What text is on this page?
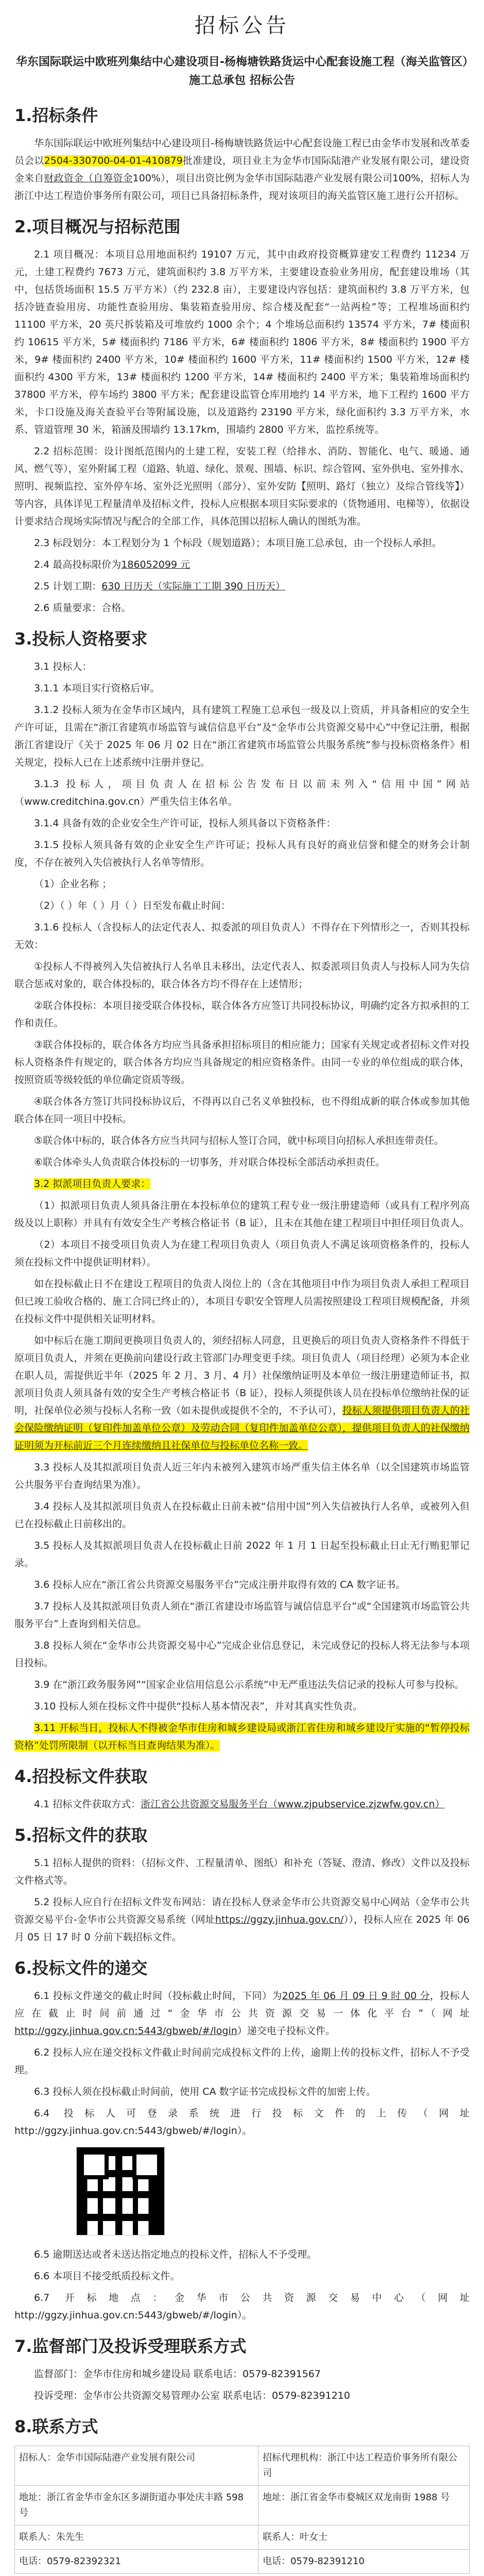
招标公告
华东国际联运中欧班列集结中心建设项目-杨梅塘铁路货运中心配套设施工程（海关监管区）施工总承包 招标公告
1.招标条件

华东国际联运中欧班列集结中心建设项目-杨梅塘铁路货运中心配套设施工程已由金华市发展和改革委员会以2504-330700-04-01-410879批准建设，项目业主为金华市国际陆港产业发展有限公司，建设资金来自财政资金（自筹资金100%），项目出资比例为金华市国际陆港产业发展有限公司100%，招标人为浙江中达工程造价事务所有限公司，项目已具备招标条件，现对该项目的海关监管区施工进行公开招标。

2.项目概况与招标范围

2.1 项目概况：本项目总用地面积约 19107 万元，其中由政府投资概算建安工程费约 11234 万元，土建工程费约 7673 万元，建筑面积约 3.8 万平方米，主要建设查验业务用房，配套建设堆场（其中，包括货场面积 15.5 万平方米）（约 232.8 亩），主要建设内容包括：建筑面积约 3.8 万平方米，包括冷链查验用房、功能性查验用房、集装箱查验用房、综合楼及配套“一站两检”等；工程堆场面积约 11100 平方米，20 英尺拆装箱及可堆放约 1000 余个；4 个堆场总面积约 13574 平方米，7# 楼面积约 10615 平方米，5# 楼面积约 7186 平方米，6# 楼面积约 1806 平方米，8# 楼面积约 1900 平方米，9# 楼面积约 2400 平方米，10# 楼面积约 1600 平方米，11# 楼面积约 1500 平方米，12# 楼面积约 4300 平方米，13# 楼面积约 1200 平方米，14# 楼面积约 2400 平方米；集装箱堆场面积约 37800 平方米，停车场约 3800 平方米；配套建设监管仓库用地约 14 平方米，地下工程约 1600 平方米，卡口设施及海关查验平台等附属设施，以及道路约 23190 平方米，绿化面积约 3.3 万平方米，水系、管道管理 30 米，箱涵及围墙约 13.17km，围墙约 2800 平方米，监控系统等。

2.2 招标范围：设计图纸范围内的土建工程，安装工程（给排水、消防、智能化、电气、暖通、通风、燃气等），室外附属工程（道路、轨道、绿化、景观、围墙、标识、综合管网、室外供电、室外排水、照明、视频监控、室外停车场、室外泛光照明（部分）、室外安防【照明、路灯（独立）及综合管线等】）等内容，具体详见工程量清单及招标文件，投标人应根据本项目实际要求的（货物通用、电梯等），依据设计要求结合现场实际情况与配合的全部工作，具体范围以招标人确认的图纸为准。

2.3 标段划分：本工程划分为 1 个标段（规划道路）；本项目施工总承包，由一个投标人承担。

2.4 最高投标限价为186052099 元

2.5 计划工期：630 日历天（实际施工工期 390 日历天）

2.6 质量要求：合格。

3.投标人资格要求

3.1 投标人：

3.1.1 本项目实行资格后审。

3.1.2 投标人须为在金华市区域内，具有建筑工程施工总承包一级及以上资质，并具备相应的安全生产许可证，且需在“浙江省建筑市场监管与诚信信息平台”及“金华市公共资源交易中心”中登记注册，根据浙江省建设厅《关于 2025 年 06 月 02 日在“浙江省建筑市场监管公共服务系统”参与投标资格条件》相关规定，投标人已在上述系统中注册并登记。

3.1.3 投标人，项目负责人在招标公告发布日以前未列入“信用中国”网站（www.creditchina.gov.cn）严重失信主体名单。

3.1.4 具备有效的企业安全生产许可证，投标人须具备以下资格条件：

3.1.5 投标人须具备有效的企业安全生产许可证；投标人具有良好的商业信誉和健全的财务会计制度，不存在被列入失信被执行人名单等情形。

（1）企业名称 ；

（2）（ ）年（ ）月（ ）日至发布截止时间：

3.1.6 投标人（含投标人的法定代表人、拟委派的项目负责人）不得存在下列情形之一，否则其投标无效：

①投标人不得被列入失信被执行人名单且未移出，法定代表人、拟委派项目负责人与投标人同为失信联合惩戒对象的，联合体投标的，联合体各方均不得存在上述情形；

②联合体投标：本项目接受联合体投标，联合体各方应签订共同投标协议，明确约定各方拟承担的工作和责任。

③联合体投标的，联合体各方均应当具备承担招标项目的相应能力；国家有关规定或者招标文件对投标人资格条件有规定的，联合体各方均应当具备规定的相应资格条件。由同一专业的单位组成的联合体，按照资质等级较低的单位确定资质等级。

④联合体各方签订共同投标协议后，不得再以自己名义单独投标，也不得组成新的联合体或参加其他联合体在同一项目中投标。

⑤联合体中标的，联合体各方应当共同与招标人签订合同，就中标项目向招标人承担连带责任。

⑥联合体牵头人负责联合体投标的一切事务，并对联合体投标全部活动承担责任。

3.2 拟派项目负责人要求：

（1）拟派项目负责人须具备注册在本投标单位的建筑工程专业一级注册建造师（或具有工程序列高级及以上职称）并具有有效安全生产考核合格证书（B 证），且未在其他在建工程项目中担任项目负责人。

（2）本项目不接受项目负责人为在建工程项目负责人（项目负责人不满足该项资格条件的，投标人须在投标文件中提供证明材料）。

如在投标截止日不在建设工程项目的负责人岗位上的（含在其他项目中作为项目负责人承担工程项目但已竣工验收合格的、施工合同已终止的），本项目专职安全管理人员需按照建设工程项目规模配备，并须在投标文件中提供相关证明材料。

如中标后在施工期间更换项目负责人的，须经招标人同意，且更换后的项目负责人资格条件不得低于原项目负责人，并须在更换前向建设行政主管部门办理变更手续。项目负责人（项目经理）必须为本企业在职人员，需提供近半年（2025 年 2 月、3 月、4 月）社保缴纳证明及本单位一级注册建造师证书，拟派项目负责人须具备有效的安全生产考核合格证书（B 证），投标人须提供该人员在投标单位缴纳社保的证明，社保单位必须与投标人名称一致（如未提供或提供不全的，不予认可），投标人须提供项目负责人的社会保险缴纳证明（复印件加盖单位公章）及劳动合同（复印件加盖单位公章），提供项目负责人的社保缴纳证明须为开标前近三个月连续缴纳且社保单位与投标单位名称一致。

3.3 投标人及其拟派项目负责人近三年内未被列入建筑市场严重失信主体名单（以全国建筑市场监管公共服务平台查询结果为准）。

3.4 投标人及其拟派项目负责人在投标截止日前未被“信用中国”列入失信被执行人名单，或被列入但已在投标截止日前移出的。

3.5 投标人及其拟派项目负责人在投标截止日前 2022 年 1 月 1 日起至投标截止日止无行贿犯罪记录。

3.6 投标人应在“浙江省公共资源交易服务平台”完成注册并取得有效的 CA 数字证书。

3.7 投标人及其拟派项目负责人须在“浙江省建设市场监管与诚信信息平台”或“全国建筑市场监管公共服务平台”上查询到相关信息。

3.8 投标人须在“金华市公共资源交易中心”完成企业信息登记，未完成登记的投标人将无法参与本项目投标。

3.9 在“浙江政务服务网”“国家企业信用信息公示系统”中无严重违法失信记录的投标人可参与投标。

3.10 投标人须在投标文件中提供“投标人基本情况表”，并对其真实性负责。

3.11 开标当日，投标人不得被金华市住房和城乡建设局或浙江省住房和城乡建设厅实施的“暂停投标资格”处罚所限制（以开标当日查询结果为准）。

4.招投标文件获取

4.1 招标文件获取方式：浙江省公共资源交易服务平台（www.zjpubservice.zjzwfw.gov.cn）

5.招标文件的获取

5.1 招标人提供的资料：（招标文件、工程量清单、图纸）和补充（答疑、澄清、修改）文件以及投标文件格式等。

5.2 投标人应自行在招标文件发布网站：请在投标人登录金华市公共资源交易中心网站（金华市公共资源交易平台-金华市公共资源交易系统（网址https://ggzy.jinhua.gov.cn/）），投标人应在 2025 年 06 月 05 日 17 时 0 分前下载招标文件。

6.投标文件的递交

6.1 投标文件递交的截止时间（投标截止时间，下同）为2025 年 06 月 09 日 9 时 00 分，投标人应在截止时间前通过“金华市公共资源交易一体化平台”（网址http://ggzy.jinhua.gov.cn:5443/gbweb/#/login）递交电子投标文件。

6.2 投标人应在递交投标文件截止时间前完成投标文件的上传，逾期上传的投标文件，招标人不予受理。

6.3 投标人须在投标截止时间前，使用 CA 数字证书完成投标文件的加密上传。

6.4 投标人可登录系统进行投标文件的上传（网址 http://ggzy.jinhua.gov.cn:5443/gbweb/#/login）。

6.5 逾期送达或者未送达指定地点的投标文件，招标人不予受理。

6.6 本项目不接受纸质投标文件。

6.7 开标地点：金华市公共资源交易中心（网址 http://ggzy.jinhua.gov.cn:5443/gbweb/#/login）。

7.监督部门及投诉受理联系方式

监督部门：金华市住房和城乡建设局 联系电话：0579-82391567

投诉受理：金华市公共资源交易管理办公室 联系电话：0579-82391210

8.联系方式
招标人：金华市国际陆港产业发展有限公司	招标代理机构：浙江中达工程造价事务所有限公司
地址：浙江省金华市金东区多湖街道办事处庆丰路 598 号	地址：浙江省金华市婺城区双龙南街 1988 号
联系人：朱先生	联系人：叶女士
电话：0579-82392321	电话：0579-82391210
